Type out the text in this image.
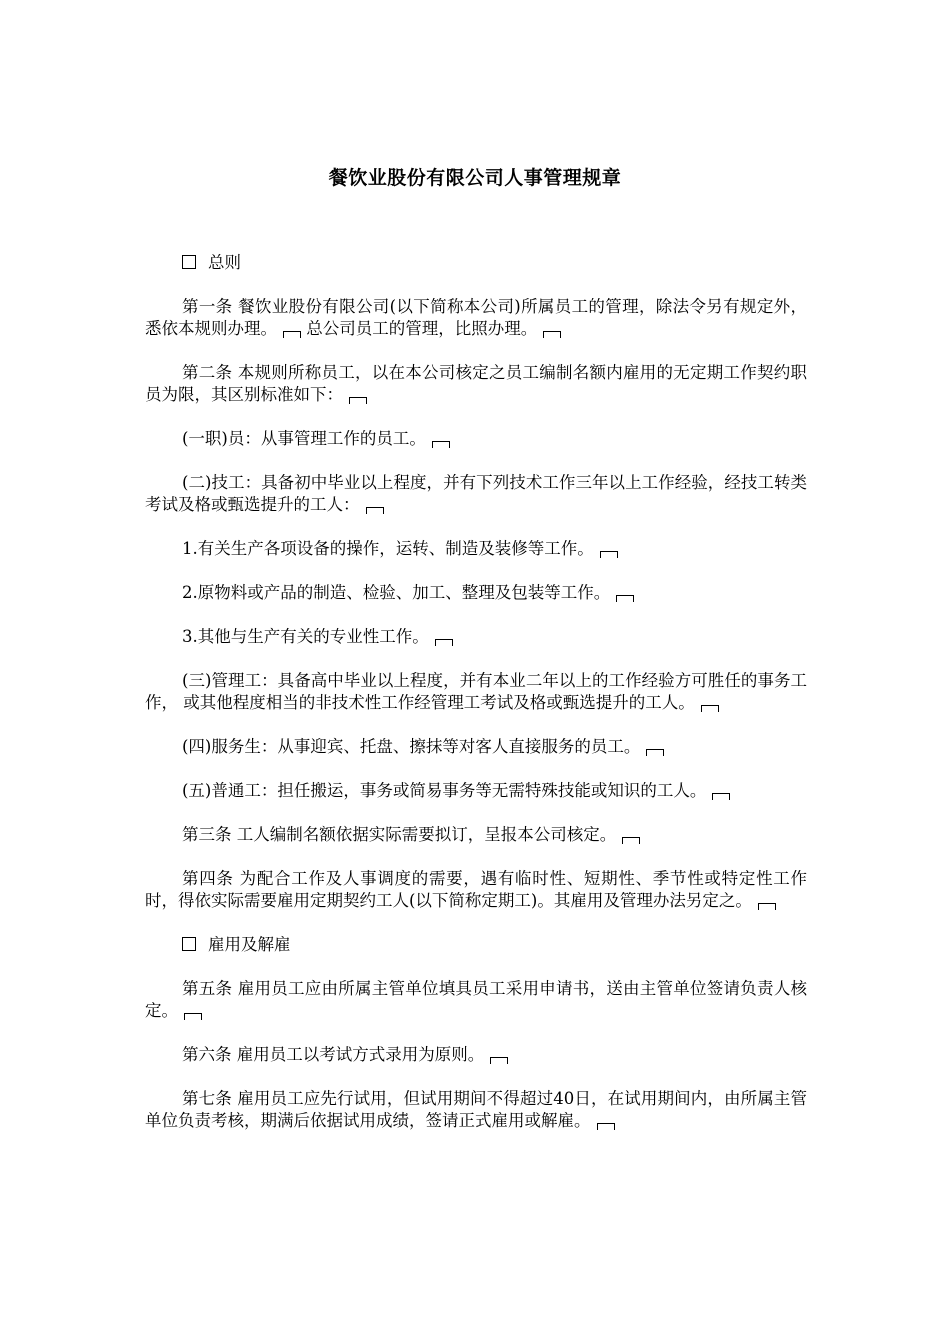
餐饮业股份有限公司人事管理规章

总则

第一条 餐饮业股份有限公司(以下简称本公司)所属员工的管理，除法令另有规定外，悉依本规则办理。 总公司员工的管理，比照办理。

第二条 本规则所称员工，以在本公司核定之员工编制名额内雇用的无定期工作契约职员为限，其区别标准如下：

(一职)员：从事管理工作的员工。

(二)技工：具备初中毕业以上程度，并有下列技术工作三年以上工作经验，经技工转类考试及格或甄选提升的工人：

1.有关生产各项设备的操作，运转、制造及装修等工作。

2.原物料或产品的制造、检验、加工、整理及包装等工作。

3.其他与生产有关的专业性工作。

(三)管理工：具备高中毕业以上程度，并有本业二年以上的工作经验方可胜任的事务工作， 或其他程度相当的非技术性工作经管理工考试及格或甄选提升的工人。

(四)服务生：从事迎宾、托盘、擦抹等对客人直接服务的员工。

(五)普通工：担任搬运，事务或简易事务等无需特殊技能或知识的工人。

第三条 工人编制名额依据实际需要拟订，呈报本公司核定。

第四条 为配合工作及人事调度的需要，遇有临时性、短期性、季节性或特定性工作时，得依实际需要雇用定期契约工人(以下简称定期工)。其雇用及管理办法另定之。

雇用及解雇

第五条 雇用员工应由所属主管单位填具员工采用申请书，送由主管单位签请负责人核定。

第六条 雇用员工以考试方式录用为原则。

第七条 雇用员工应先行试用，但试用期间不得超过40日，在试用期间内，由所属主管单位负责考核，期满后依据试用成绩，签请正式雇用或解雇。
